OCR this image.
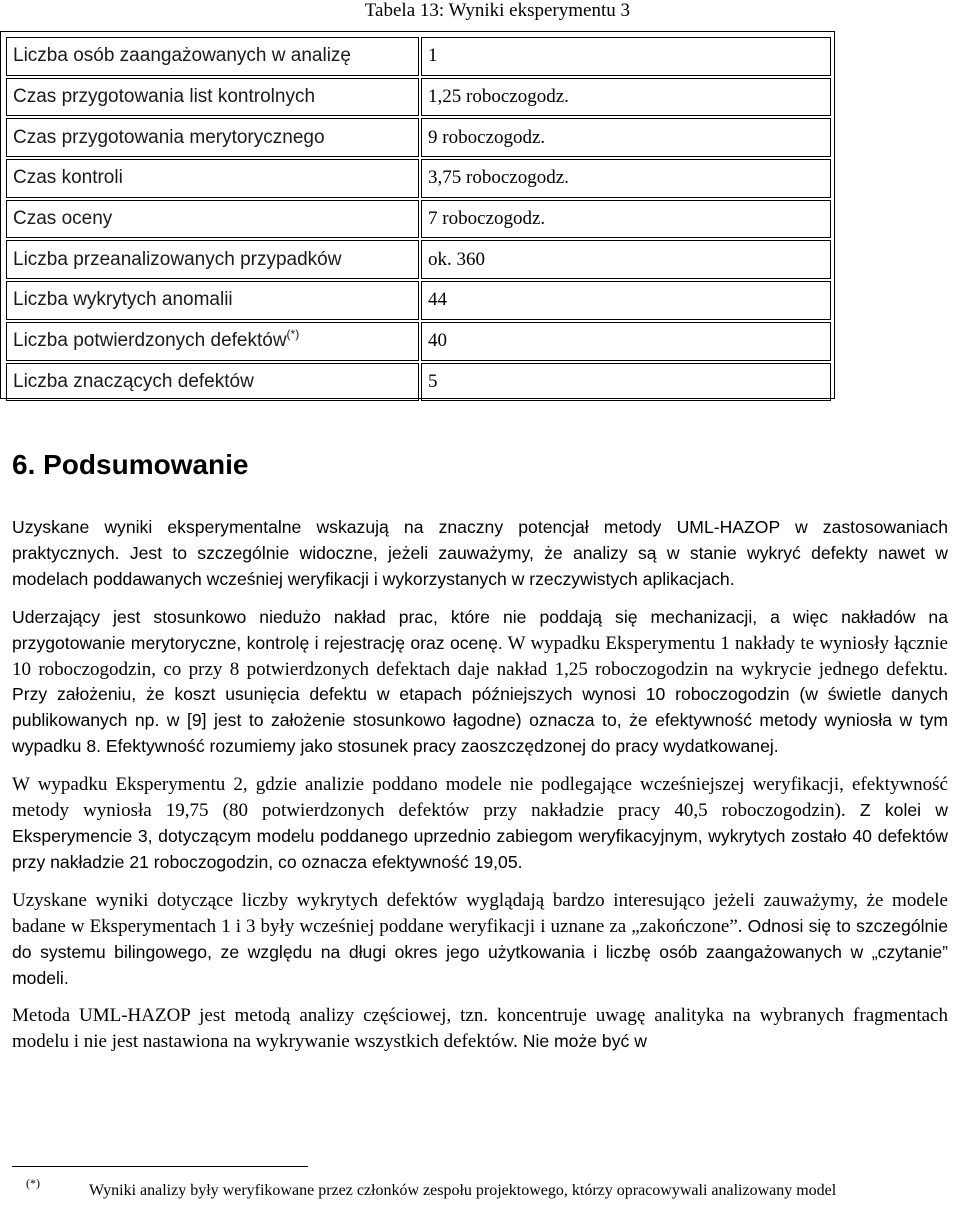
Tabela 13: Wyniki eksperymentu 3
Liczba osób zaangażowanych w analizę	1
Czas przygotowania list kontrolnych	1,25 roboczogodz.
Czas przygotowania merytorycznego	9 roboczogodz.
Czas kontroli	3,75 roboczogodz.
Czas oceny	7 roboczogodz.
Liczba przeanalizowanych przypadków	ok. 360
Liczba wykrytych anomalii	44
Liczba potwierdzonych defektów(*)	40
Liczba znaczących defektów	5
6. Podsumowanie

Uzyskane wyniki eksperymentalne wskazują na znaczny potencjał metody UML-HAZOP w zastosowaniach praktycznych. Jest to szczególnie widoczne, jeżeli zauważymy, że analizy są w stanie wykryć defekty nawet w modelach poddawanych wcześniej weryfikacji i wykorzystanych w rzeczywistych aplikacjach.

Uderzający jest stosunkowo niedużo nakład prac, które nie poddają się mechanizacji, a więc nakładów na przygotowanie merytoryczne, kontrolę i rejestrację oraz ocenę. W wypadku Eksperymentu 1 nakłady te wyniosły łącznie 10 roboczogodzin, co przy 8 potwierdzonych defektach daje nakład 1,25 roboczogodzin na wykrycie jednego defektu. Przy założeniu, że koszt usunięcia defektu w etapach późniejszych wynosi 10 roboczogodzin (w świetle danych publikowanych np. w [9] jest to założenie stosunkowo łagodne) oznacza to, że efektywność metody wyniosła w tym wypadku 8. Efektywność rozumiemy jako stosunek pracy zaoszczędzonej do pracy wydatkowanej.

W wypadku Eksperymentu 2, gdzie analizie poddano modele nie podlegające wcześniejszej weryfikacji, efektywność metody wyniosła 19,75 (80 potwierdzonych defektów przy nakładzie pracy 40,5 roboczogodzin). Z kolei w Eksperymencie 3, dotyczącym modelu poddanego uprzednio zabiegom weryfikacyjnym, wykrytych zostało 40 defektów przy nakładzie 21 roboczogodzin, co oznacza efektywność 19,05.

Uzyskane wyniki dotyczące liczby wykrytych defektów wyglądają bardzo interesująco jeżeli zauważymy, że modele badane w Eksperymentach 1 i 3 były wcześniej poddane weryfikacji i uznane za „zakończone”. Odnosi się to szczególnie do systemu bilingowego, ze względu na długi okres jego użytkowania i liczbę osób zaangażowanych w „czytanie” modeli.

Metoda UML-HAZOP jest metodą analizy częściowej, tzn. koncentruje uwagę analityka na wybranych fragmentach modelu i nie jest nastawiona na wykrywanie wszystkich defektów. Nie może być w

(*)	Wyniki analizy były weryfikowane przez członków zespołu projektowego, którzy opracowywali analizowany model
